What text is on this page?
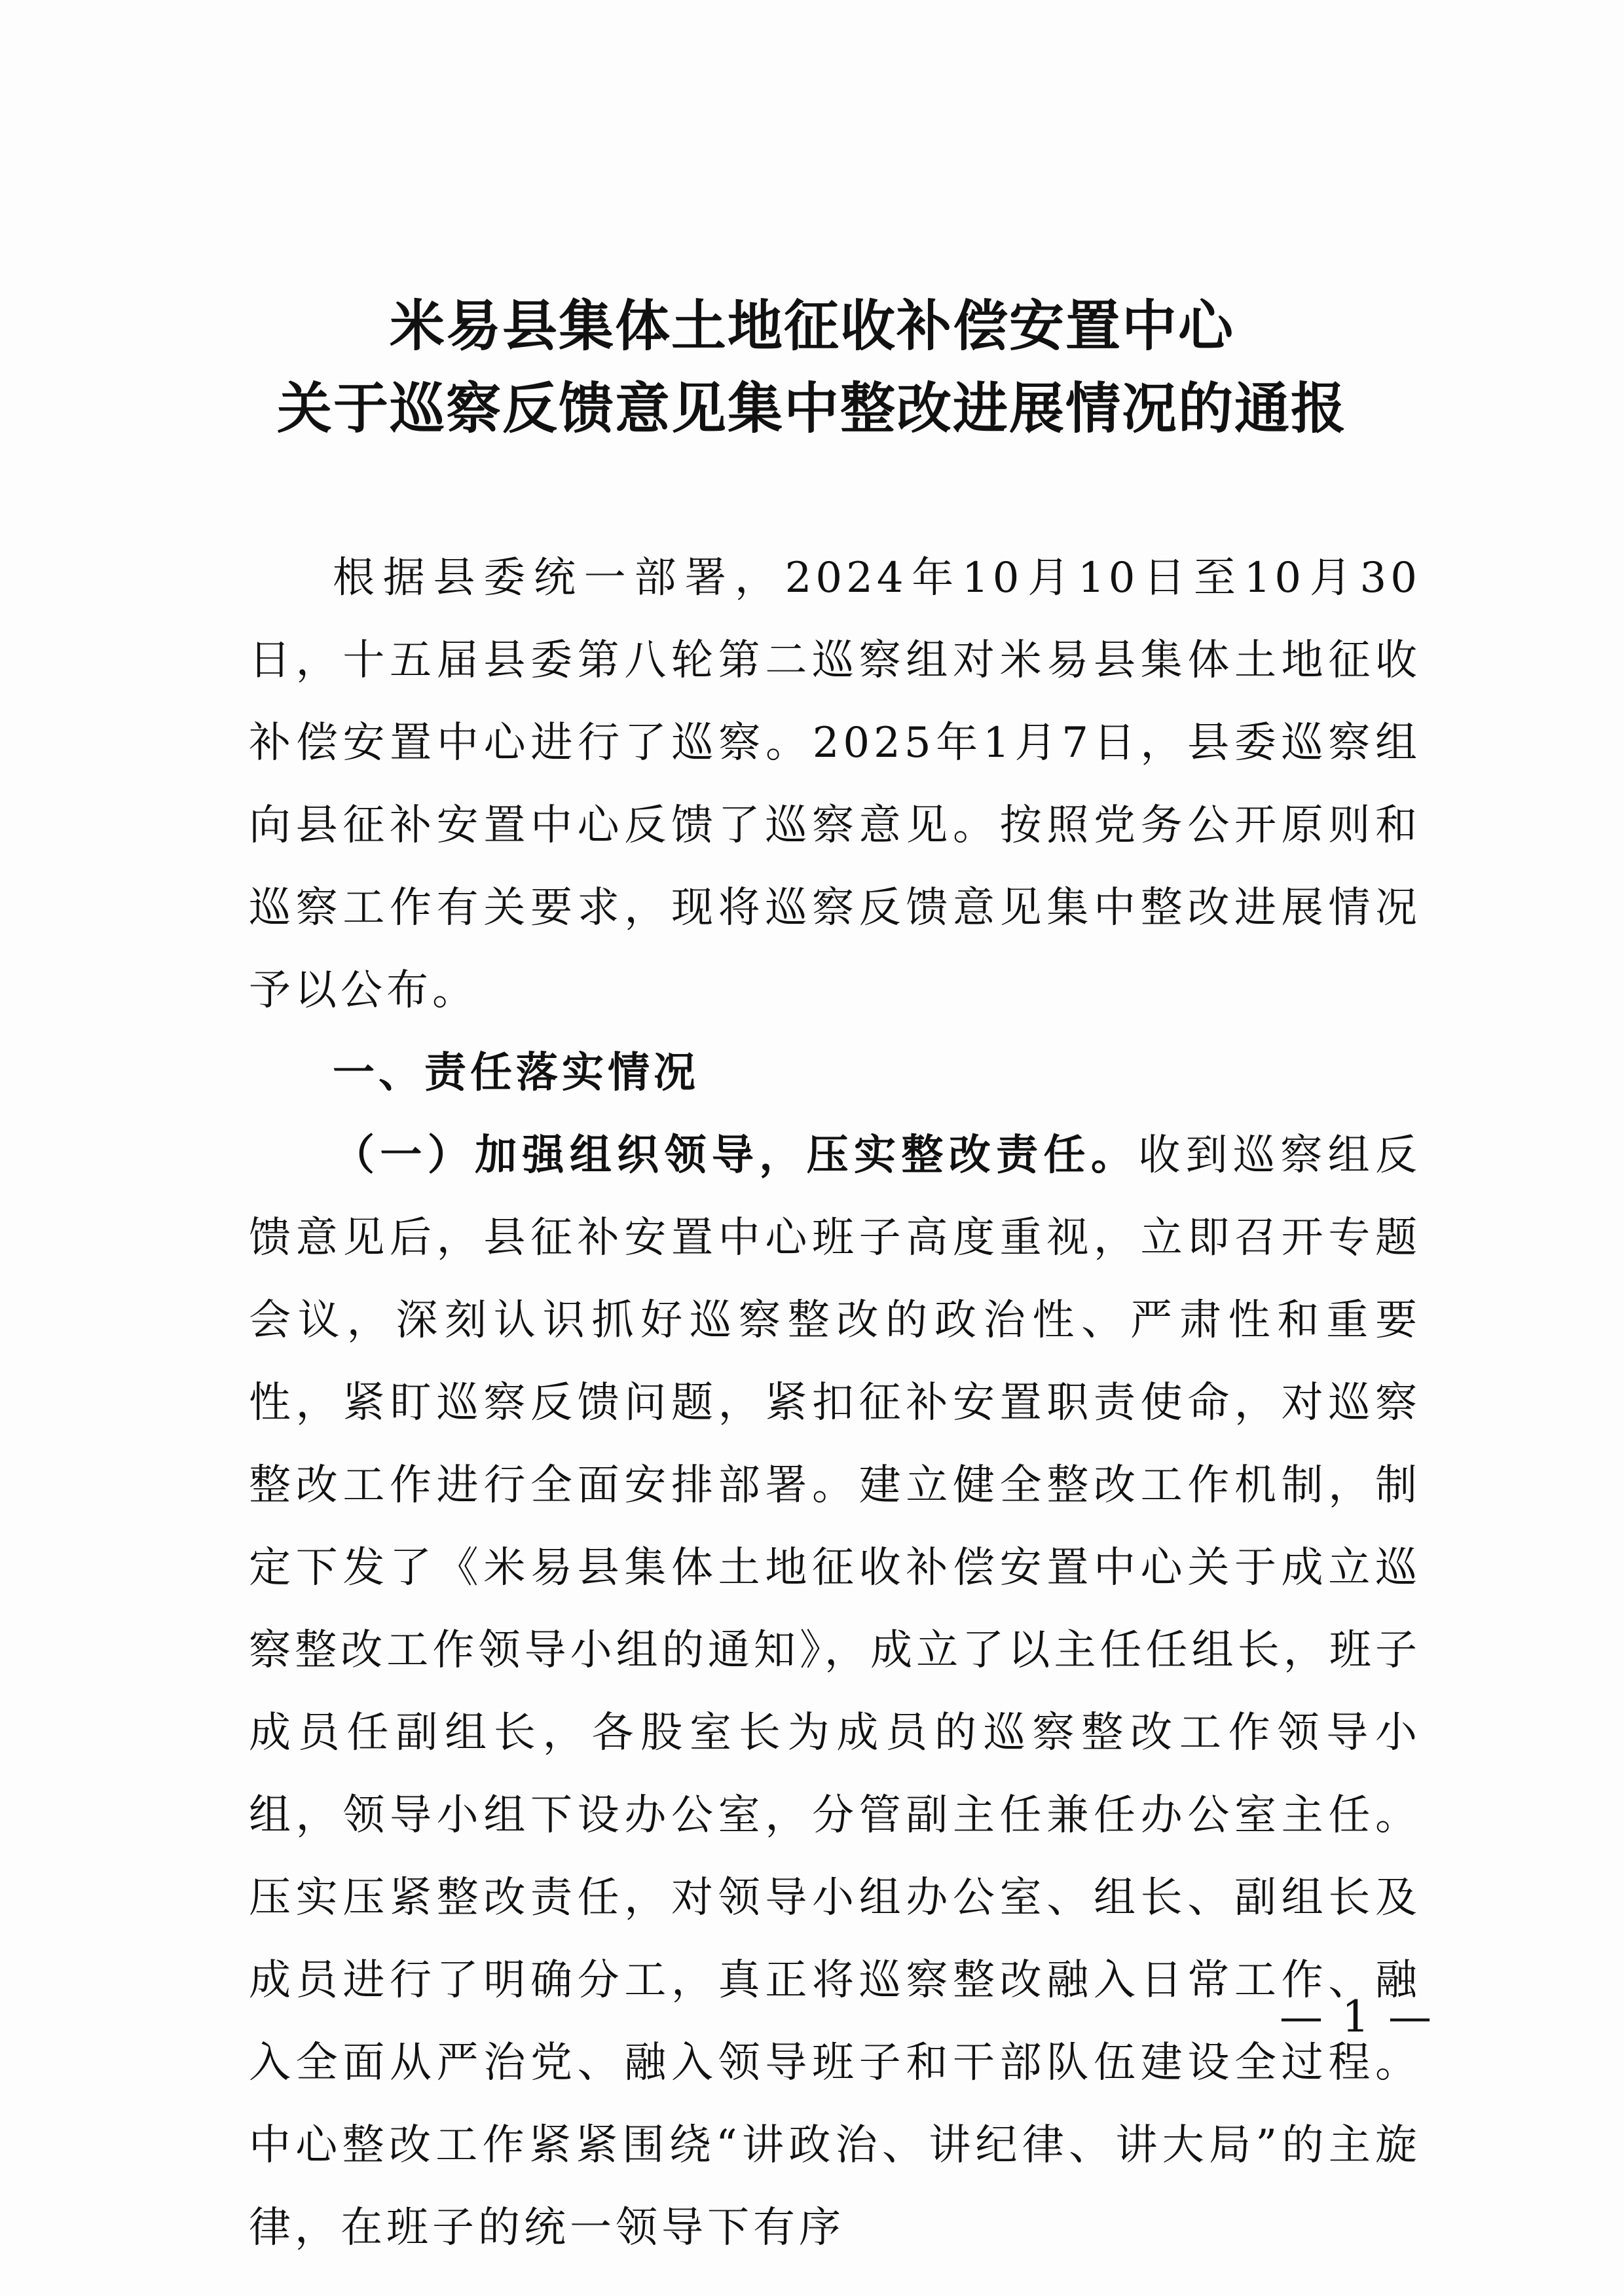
米易县集体土地征收补偿安置中心
关于巡察反馈意见集中整改进展情况的通报

根据县委统一部署，2024年10月10日至10月30日，十五届县委第八轮第二巡察组对米易县集体土地征收补偿安置中心进行了巡察。2025年1月7日，县委巡察组向县征补安置中心反馈了巡察意见。按照党务公开原则和巡察工作有关要求，现将巡察反馈意见集中整改进展情况予以公布。

一、责任落实情况

（一）加强组织领导，压实整改责任。收到巡察组反馈意见后，县征补安置中心班子高度重视，立即召开专题会议，深刻认识抓好巡察整改的政治性、严肃性和重要性，紧盯巡察反馈问题，紧扣征补安置职责使命，对巡察整改工作进行全面安排部署。建立健全整改工作机制，制定下发了《米易县集体土地征收补偿安置中心关于成立巡察整改工作领导小组的通知》，成立了以主任任组长，班子成员任副组长，各股室长为成员的巡察整改工作领导小组，领导小组下设办公室，分管副主任兼任办公室主任。压实压紧整改责任，对领导小组办公室、组长、副组长及成员进行了明确分工，真正将巡察整改融入日常工作、融入全面从严治党、融入领导班子和干部队伍建设全过程。中心整改工作紧紧围绕“讲政治、讲纪律、讲大局”的主旋律，在班子的统一领导下有序

— 1 —
